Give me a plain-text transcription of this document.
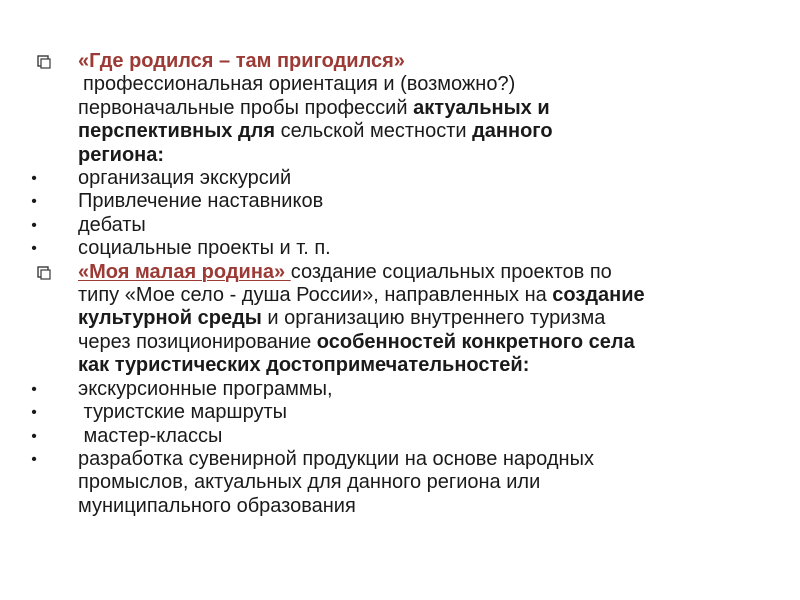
«Где родился – там пригодился»
профессиональная ориентация и (возможно?)
первоначальные пробы профессий актуальных и
перспективных для сельской местности данного
региона:
• организация экскурсий
• Привлечение наставников
• дебаты
• социальные проекты и т. п.
«Моя малая родина» создание социальных проектов по
типу «Мое село - душа России», направленных на создание
культурной среды и организацию внутреннего туризма
через позиционирование особенностей конкретного села
как туристических достопримечательностей:
• экскурсионные программы,
• туристские маршруты
• мастер-классы
• разработка сувенирной продукции на основе народных
промыслов, актуальных для данного региона или
муниципального образования
